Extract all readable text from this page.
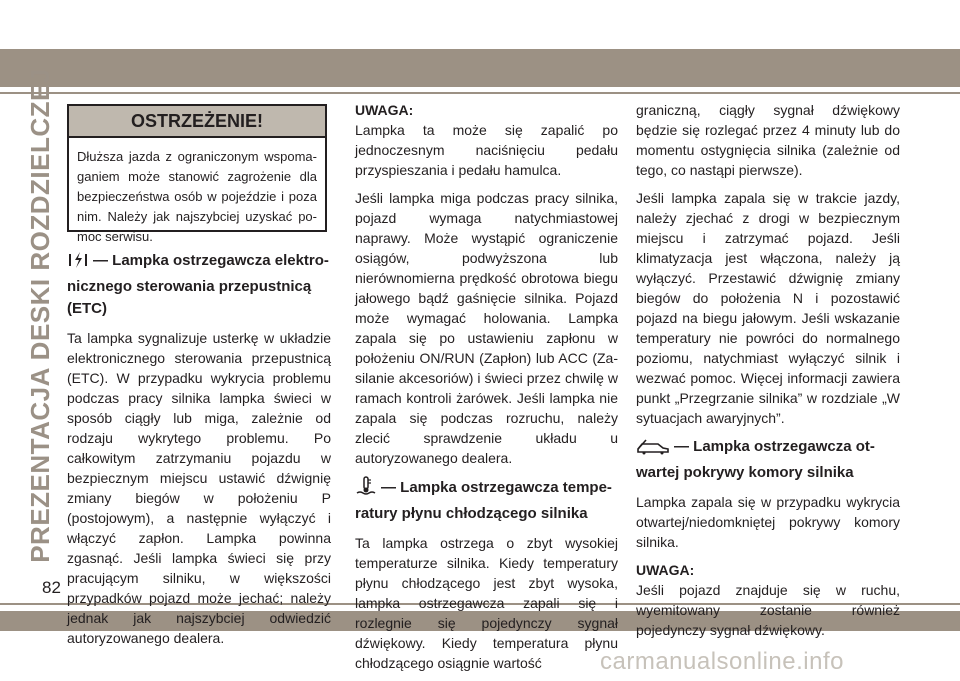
PREZENTACJA DESKI ROZDZIELCZEJ
82
OSTRZEŻENIE!
Dłuższa jazda z ograniczonym wspomaganiem może stanowić zagrożenie dla bezpieczeństwa osób w pojeździe i poza nim. Należy jak najszybciej uzyskać pomoc serwisu.
— Lampka ostrzegawcza elektronicznego sterowania przepustnicą (ETC)

Ta lampka sygnalizuje usterkę w układzie elektronicznego sterowania przepustnicą (ETC). W przypadku wykrycia problemu podczas pracy silnika lampka świeci w sposób ciągły lub miga, zależnie od rodzaju wykrytego problemu. Po całkowitym zatrzymaniu pojazdu w bezpiecznym miejscu ustawić dźwignię zmiany biegów w położeniu P (postojowym), a następnie wyłączyć i włączyć zapłon. Lampka powinna zgasnąć. Jeśli lampka świeci się przy pracującym silniku, w większości przypadków pojazd może jechać; należy jednak jak najszybciej odwiedzić autoryzowanego dealera.

UWAGA:

Lampka ta może się zapalić po jednoczesnym naciśnięciu pedału przyspieszania i pedału hamulca.

Jeśli lampka miga podczas pracy silnika, pojazd wymaga natychmiastowej naprawy. Może wystąpić ograniczenie osiągów, podwyższona lub nierównomierna prędkość obrotowa biegu jałowego bądź gaśnięcie silnika. Pojazd może wymagać holowania. Lampka zapala się po ustawieniu zapłonu w położeniu ON/RUN (Zapłon) lub ACC (Zasilanie akcesoriów) i świeci przez chwilę w ramach kontroli żarówek. Jeśli lampka nie zapala się podczas rozruchu, należy zlecić sprawdzenie układu u autoryzowanego dealera.

— Lampka ostrzegawcza temperatury płynu chłodzącego silnika

Ta lampka ostrzega o zbyt wysokiej temperaturze silnika. Kiedy temperatury płynu chłodzącego jest zbyt wysoka, lampka ostrzegawcza zapali się i rozlegnie się pojedynczy sygnał dźwiękowy. Kiedy temperatura płynu chłodzącego osiągnie wartość

graniczną, ciągły sygnał dźwiękowy będzie się rozlegać przez 4 minuty lub do momentu ostygnięcia silnika (zależnie od tego, co nastąpi pierwsze).

Jeśli lampka zapala się w trakcie jazdy, należy zjechać z drogi w bezpiecznym miejscu i zatrzymać pojazd. Jeśli klimatyzacja jest włączona, należy ją wyłączyć. Przestawić dźwignię zmiany biegów do położenia N i pozostawić pojazd na biegu jałowym. Jeśli wskazanie temperatury nie powróci do normalnego poziomu, natychmiast wyłączyć silnik i wezwać pomoc. Więcej informacji zawiera punkt „Przegrzanie silnika” w rozdziale „W sytuacjach awaryjnych”.

— Lampka ostrzegawcza otwartej pokrywy komory silnika

Lampka zapala się w przypadku wykrycia otwartej/niedomkniętej pokrywy komory silnika.

UWAGA:

Jeśli pojazd znajduje się w ruchu, wyemitowany zostanie również pojedynczy sygnał dźwiękowy.

carmanualsonline.info
